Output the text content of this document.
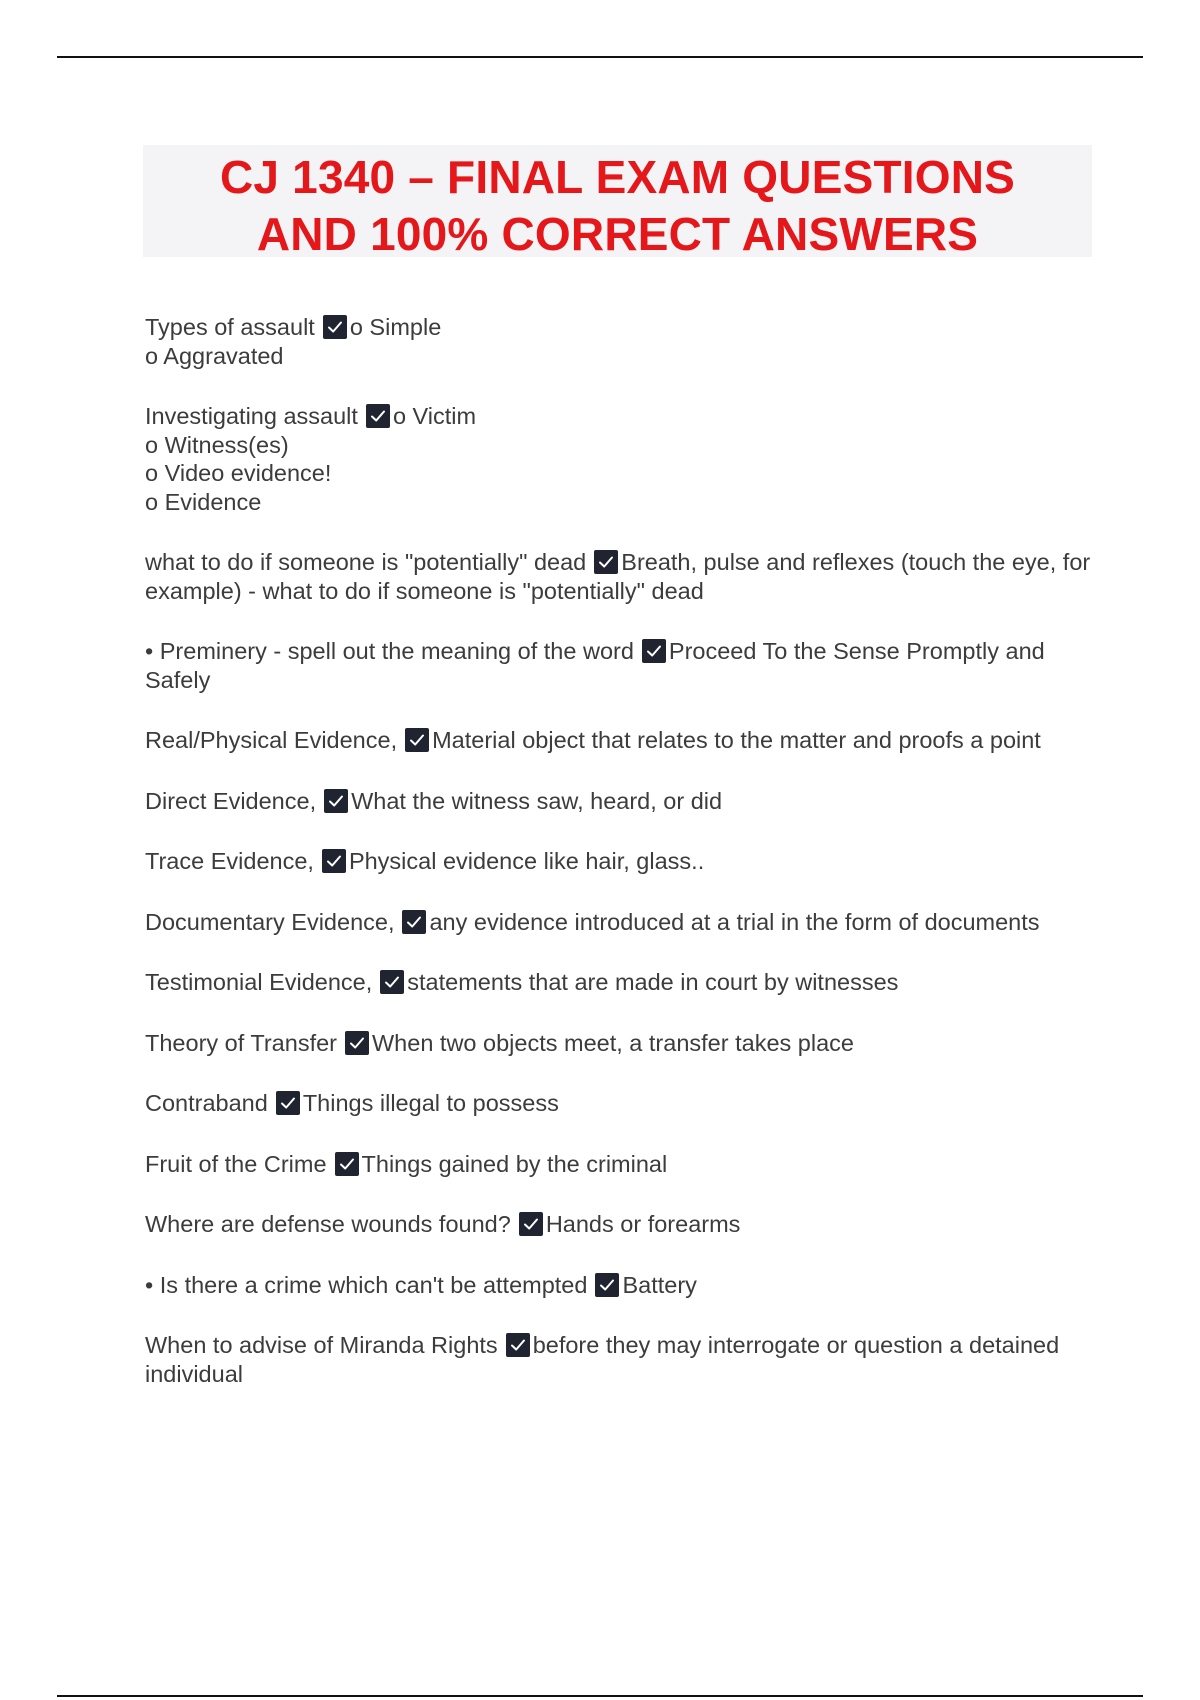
CJ 1340 – FINAL EXAM QUESTIONS
AND 100% CORRECT ANSWERS
Types of assault o Simple
o Aggravated
Investigating assault o Victim
o Witness(es)
o Video evidence!
o Evidence
what to do if someone is "potentially" dead Breath, pulse and reflexes (touch the eye, for example) - what to do if someone is "potentially" dead
• Preminery - spell out the meaning of the word Proceed To the Sense Promptly and Safely
Real/Physical Evidence, Material object that relates to the matter and proofs a point
Direct Evidence, What the witness saw, heard, or did
Trace Evidence, Physical evidence like hair, glass..
Documentary Evidence, any evidence introduced at a trial in the form of documents
Testimonial Evidence, statements that are made in court by witnesses
Theory of Transfer When two objects meet, a transfer takes place
Contraband Things illegal to possess
Fruit of the Crime Things gained by the criminal
Where are defense wounds found? Hands or forearms
• Is there a crime which can't be attempted Battery
When to advise of Miranda Rights before they may interrogate or question a detained individual
